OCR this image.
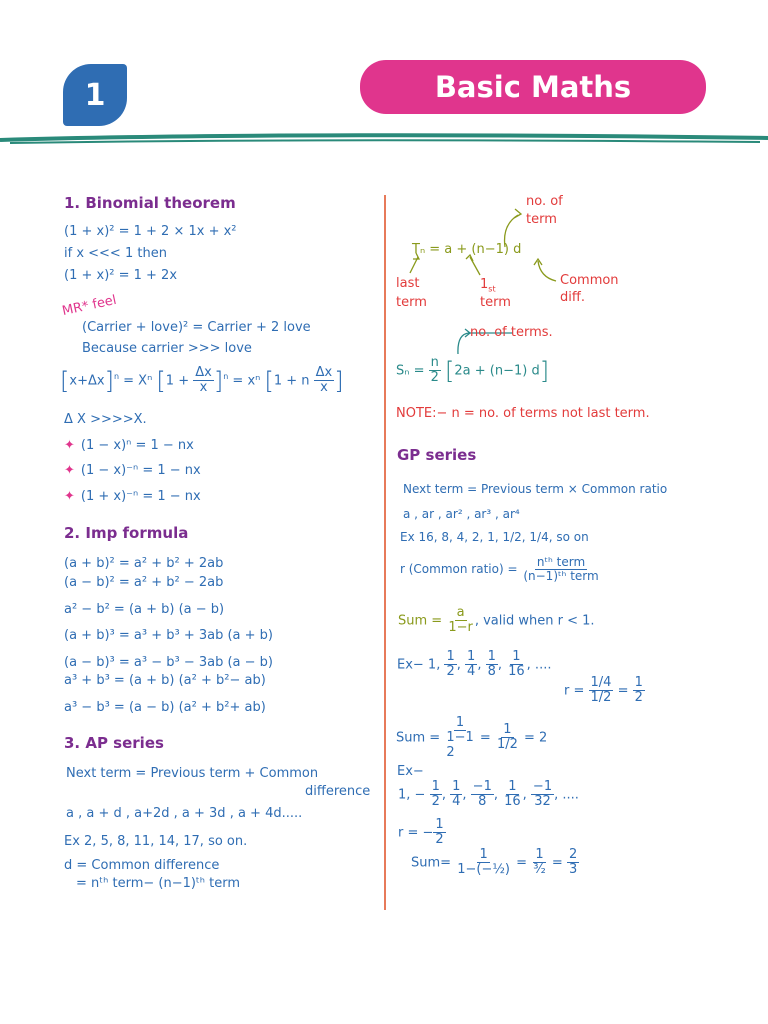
1	Basic Maths
1. Binomial theorem
(1 + x)² = 1 + 2 × 1x + x²
if x <<< 1 then
(1 + x)² = 1 + 2x
MR* feel
(Carrier + love)² = Carrier + 2 love
Because carrier >>> love
$[x+\Delta x]^n = X^n$ $[1 + \frac{\Delta x}{x} ]^n = x^n$ [1 + n $\frac{\Delta x}{x}$ ]
Δ X >>>>X.
✦ (1 − x)ⁿ = 1 − nx
✦ (1 − x)⁻ⁿ = 1 − nx
✦ (1 + x)⁻ⁿ = 1 − nx
2. Imp formula
(a + b)² = a² + b² + 2ab
(a − b)² = a² + b² − 2ab
a² − b² = (a + b) (a − b)
(a + b)³ = a³ + b³ + 3ab (a + b)
(a − b)³ = a³ − b³ − 3ab (a − b)
a³ + b³ = (a + b) (a² + b²− ab)
a³ − b³ = (a − b) (a² + b²+ ab)
3. AP series
Next term = Previous term + Common
difference
a , a + d , a+2d , a + 3d , a + 4d.....
Ex 2, 5, 8, 11, 14, 17, so on.
d = Common difference
= nᵗʰ term− (n−1)ᵗʰ term
no. of
term
Tₙ = a + (n−1) d
last
term
$1_{st}$
term
Common
diff.
no. of terms.
$S_n = \frac{n}{2} [2a + (n-1)$ d]
NOTE:− n = no. of terms not last term.
GP series
Next term = Previous term × Common ratio
a , ar , ar² , ar³ , ar⁴
Ex 16, 8, 4, 2, 1, 1/2, 1/4, so on
r (Common ratio) = $\frac{\text{nᵗʰ term}}{\text{(n−1)ᵗʰ term}}$
Sum = $\frac{a}{1-r}$ , valid when r < 1.
Ex− 1, $\frac{1}{2}$ , $\frac{1}{4}$ , $\frac{1}{8}$ , $\frac{1}{16}$ , ....
$r = \frac{1/4}{1/2} = \frac{1}{2}$
Sum =
1
1−1
2
= $\frac{1}{1/2} = 2$
Ex−
1, − $\frac{1}{2}$ , $\frac{1}{4}$ , $\frac{-1}{8}$ , $\frac{1}{16}$ , $\frac{-1}{32}$ , ....
r = − $\frac{1}{2}$
$Sum= \frac{1}{\text{1−(−½)}} = \frac{1}{\text{³⁄₂}} = \frac{2}{3}$
